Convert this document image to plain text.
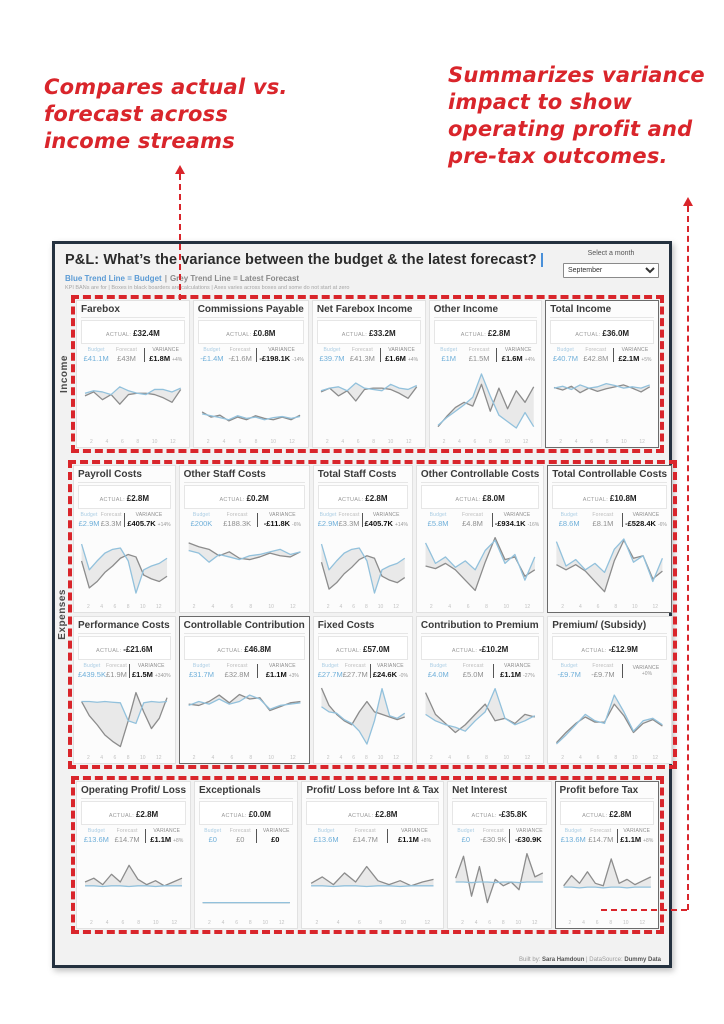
Compares actual vs.
forecast across
income streams
Summarizes variance
impact to show
operating profit and
pre-tax outcomes.
P&L: What’s the variance between the budget & the latest forecast?	Select a month
September
Blue Trend Line = Budget | Grey Trend Line = Latest Forecast
KPI BANs are for | Boxes in black boarders are calculations | Axes varies across boxes and some do not start at zero
Income
Farebox
ACTUAL: £32.4M
Budget
£41.1M
Forecast
£43M
VARIANCE
£1.8M +4%
2	4	6	8	10	12
Commissions Payable
ACTUAL: £0.8M
Budget
-£1.4M
Forecast
-£1.6M
VARIANCE
-£198.1K -14%
2	4	6	8	10	12
Net Farebox Income
ACTUAL: £33.2M
Budget
£39.7M
Forecast
£41.3M
VARIANCE
£1.6M +4%
2	4	6	8	10	12
Other Income
ACTUAL: £2.8M
Budget
£1M
Forecast
£1.5M
VARIANCE
£1.6M +4%
2	4	6	8	10	12
Total Income
ACTUAL: £36.0M
Budget
£40.7M
Forecast
£42.8M
VARIANCE
£2.1M +5%
2	4	6	8	10	12
Expenses
Payroll Costs
ACTUAL: £2.8M
Budget
£2.9M
Forecast
£3.3M
VARIANCE
£405.7K +14%
2 4 6 8 10 12
Other Staff Costs
ACTUAL: £0.2M
Budget
£200K
Forecast
£188.3K
VARIANCE
-£11.8K -6%
2	4	6	8	10	12
Total Staff Costs
ACTUAL: £2.8M
Budget
£2.9M
Forecast
£3.3M
VARIANCE
£405.7K +14%
2 4 6 8 10 12
Other Controllable Costs
ACTUAL: £8.0M
Budget
£5.8M
Forecast
£4.8M
VARIANCE
-£934.1K -16%
2	4	6	8	10	12
Total Controllable Costs
ACTUAL: £10.8M
Budget
£8.6M
Forecast
£8.1M
VARIANCE
-£528.4K -6%
2	4	6	8	10	12
Performance Costs
ACTUAL: -£21.6M
Budget
£439.5K
Forecast
£1.9M
VARIANCE
£1.5M +340%
2 4 6 8 10 12
Controllable Contribution
ACTUAL: £46.8M
Budget
£31.7M
Forecast
£32.8M
VARIANCE
£1.1M +3%
2	4	6	8	10	12
Fixed Costs
ACTUAL: £57.0M
Budget
£27.7M
Forecast
£27.7M
VARIANCE
£24.6K -0%
2 4 6 8 10 12
Contribution to Premium
ACTUAL: -£10.2M
Budget
£4.0M
Forecast
£5.0M
VARIANCE
£1.1M -27%
2	4	6	8	10	12
Premium/ (Subsidy)
ACTUAL: -£12.9M
Budget
-£9.7M
Forecast
-£9.7M
VARIANCE
+0%
2	4	6	8	10	12
Operating Profit/ Loss
ACTUAL: £2.8M
Budget
£13.6M
Forecast
£14.7M
VARIANCE
£1.1M +8%
2	4	6	8	10	12
Exceptionals
ACTUAL: £0.0M
Budget
£0
Forecast
£0
VARIANCE
£0
2 4 6 8 10 12
Profit/ Loss before Int & Tax
ACTUAL: £2.8M
Budget
£13.6M
Forecast
£14.7M
VARIANCE
£1.1M +8%
2	4	6	8	10	12
Net Interest
ACTUAL: -£35.8K
Budget
£0
Forecast
-£30.9K
VARIANCE
-£30.9K
2 4 6 8 10 12
Profit before Tax
ACTUAL: £2.8M
Budget
£13.6M
Forecast
£14.7M
VARIANCE
£1.1M +8%
2 4 6 8 10 12
Built by: Sara Hamdoun | DataSource: Dummy Data
